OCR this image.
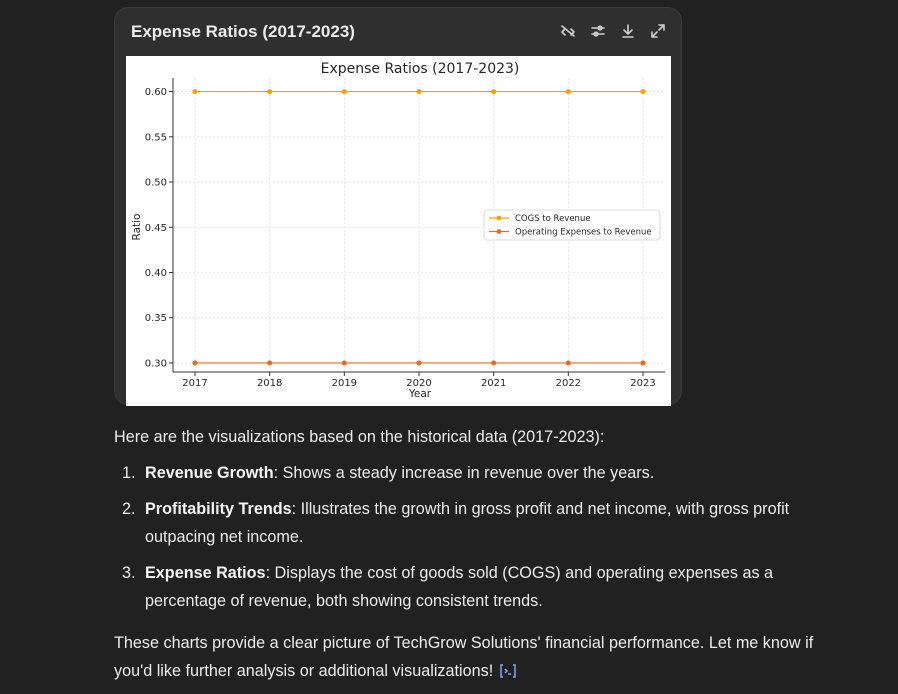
Expense Ratios (2017-2023)
Expense Ratios (2017-2023)
0.30
0.35
0.40
0.45
0.50
0.55
0.60
2017	2018	2019	2020	2021	2022	2023
Year
Ratio	COGS to Revenue
Operating Expenses to Revenue

Here are the visualizations based on the historical data (2017-2023):

1. Revenue Growth: Shows a steady increase in revenue over the years.
2. Profitability Trends: Illustrates the growth in gross profit and net income, with gross profit outpacing net income.
3. Expense Ratios: Displays the cost of goods sold (COGS) and operating expenses as a percentage of revenue, both showing consistent trends.

These charts provide a clear picture of TechGrow Solutions' financial performance. Let me know if you'd like further analysis or additional visualizations!
